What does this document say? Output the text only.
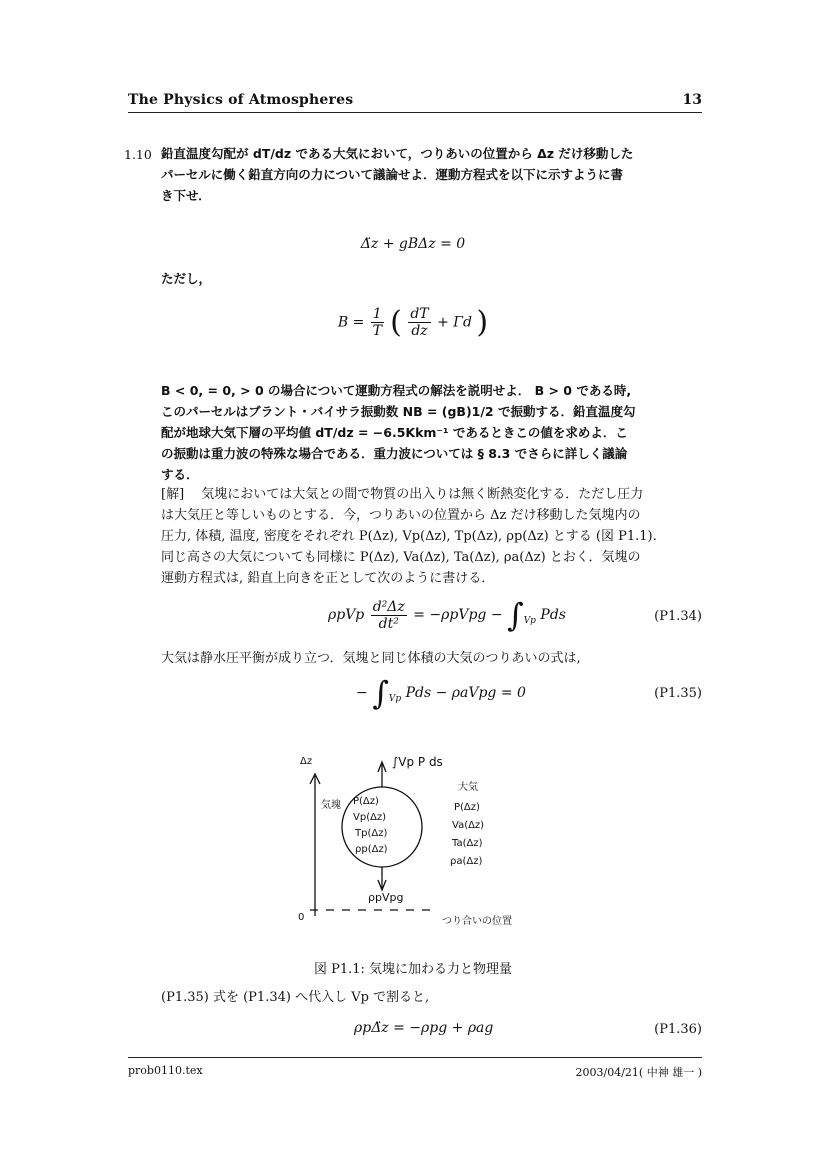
The Physics of Atmospheres	13
1.10 鉛直温度勾配が dT/dz である大気において，つりあいの位置から Δz だけ移動した
パーセルに働く鉛直方向の力について議論せよ．運動方程式を以下に示すように書
き下せ．
Δ̈z + gBΔz = 0
ただし，
$B = \frac{1}{T}$ ( $\frac{dT}{dz} + \Gamma d$ )
B < 0, = 0, > 0 の場合について運動方程式の解法を説明せよ． B > 0 である時,
このパーセルはブラント・バイサラ振動数 NB = (gB)1/2 で振動する．鉛直温度勾
配が地球大気下層の平均値 dT/dz = −6.5Kkm⁻¹ であるときこの値を求めよ．こ
の振動は重力波の特殊な場合である．重力波については § 8.3 でさらに詳しく議論
する．
[解]　 気塊においては大気との間で物質の出入りは無く断熱変化する．ただし圧力
は大気圧と等しいものとする．今，つりあいの位置から Δz だけ移動した気塊内の
圧力, 体積, 温度, 密度をそれぞれ P(Δz), Vp(Δz), Tp(Δz), ρp(Δz) とする (図 P1.1).
同じ高さの大気についても同様に P(Δz), Va(Δz), Ta(Δz), ρa(Δz) とおく．気塊の
運動方程式は, 鉛直上向きを正として次のように書ける．
ρpVp $\frac{\text{d²Δz}}{\text{dt²}}$ = −ρpVpg − $\int_{Vp}$ Pds	(P1.34)
大気は静水圧平衡が成り立つ．気塊と同じ体積の大気のつりあいの式は,
− $\int_{Vp}$ Pds − ρaVpg = 0	(P1.35)
Δz
気塊
∫Vp P ds
P(Δz)
Vp(Δz)
Tp(Δz)
ρp(Δz)
大気
P(Δz)
Va(Δz)
Ta(Δz)
ρa(Δz)
ρpVpg
0	つり合いの位置
図 P1.1: 気塊に加わる力と物理量
(P1.35) 式を (P1.34) へ代入し Vp で割ると,
ρpΔ̈z = −ρpg + ρag	(P1.36)
prob0110.tex	2003/04/21( 中神 雄一 )
